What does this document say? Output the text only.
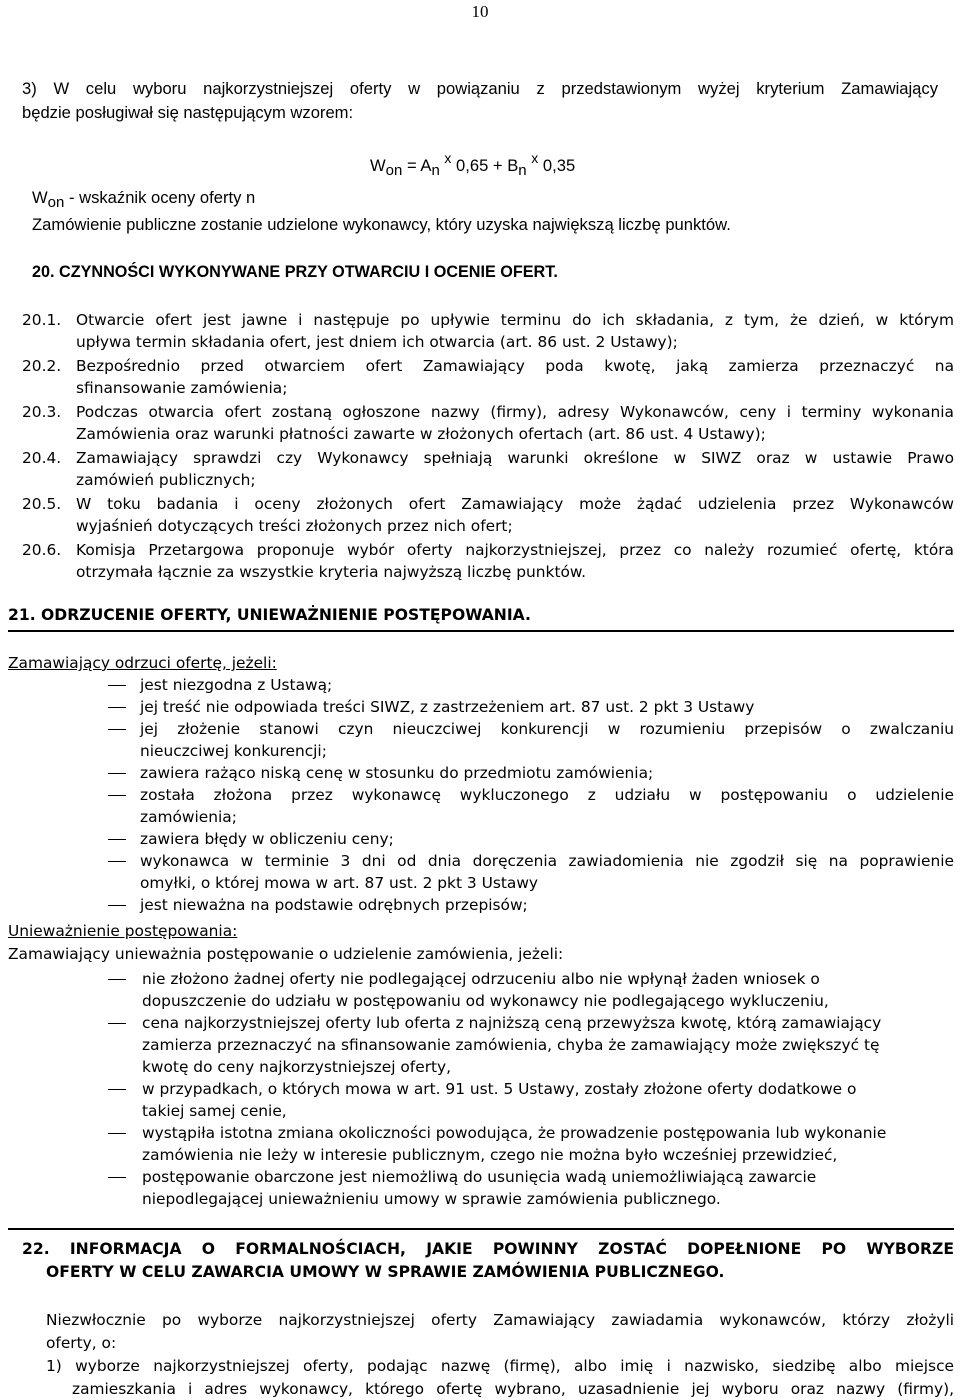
10
3) W celu wyboru najkorzystniejszej oferty w powiązaniu z przedstawionym wyżej kryterium Zamawiający
będzie posługiwał się następującym wzorem:
$W_{on} = A_n$ $^x$ $0,65 + B_n$ $^x$ 0,35
$W_{on}$ - wskaźnik oceny oferty n
Zamówienie publiczne zostanie udzielone wykonawcy, który uzyska największą liczbę punktów.
20. CZYNNOŚCI WYKONYWANE PRZY OTWARCIU I OCENIE OFERT.
20.1. Otwarcie ofert jest jawne i następuje po upływie terminu do ich składania, z tym, że dzień, w którym
upływa termin składania ofert, jest dniem ich otwarcia (art. 86 ust. 2 Ustawy);
20.2. Bezpośrednio przed otwarciem ofert Zamawiający poda kwotę, jaką zamierza przeznaczyć na
sfinansowanie zamówienia;
20.3. Podczas otwarcia ofert zostaną ogłoszone nazwy (firmy), adresy Wykonawców, ceny i terminy wykonania
Zamówienia oraz warunki płatności zawarte w złożonych ofertach (art. 86 ust. 4 Ustawy);
20.4. Zamawiający sprawdzi czy Wykonawcy spełniają warunki określone w SIWZ oraz w ustawie Prawo
zamówień publicznych;
20.5. W toku badania i oceny złożonych ofert Zamawiający może żądać udzielenia przez Wykonawców
wyjaśnień dotyczących treści złożonych przez nich ofert;
20.6. Komisja Przetargowa proponuje wybór oferty najkorzystniejszej, przez co należy rozumieć ofertę, która
otrzymała łącznie za wszystkie kryteria najwyższą liczbę punktów.
21. ODRZUCENIE OFERTY, UNIEWAŻNIENIE POSTĘPOWANIA.
Zamawiający odrzuci ofertę, jeżeli:
jest niezgodna z Ustawą;
jej treść nie odpowiada treści SIWZ, z zastrzeżeniem art. 87 ust. 2 pkt 3 Ustawy
jej złożenie stanowi czyn nieuczciwej konkurencji w rozumieniu przepisów o zwalczaniu
nieuczciwej konkurencji;
zawiera rażąco niską cenę w stosunku do przedmiotu zamówienia;
została złożona przez wykonawcę wykluczonego z udziału w postępowaniu o udzielenie
zamówienia;
zawiera błędy w obliczeniu ceny;
wykonawca w terminie 3 dni od dnia doręczenia zawiadomienia nie zgodził się na poprawienie
omyłki, o której mowa w art. 87 ust. 2 pkt 3 Ustawy
jest nieważna na podstawie odrębnych przepisów;
Unieważnienie postępowania:
Zamawiający unieważnia postępowanie o udzielenie zamówienia, jeżeli:
nie złożono żadnej oferty nie podlegającej odrzuceniu albo nie wpłynął żaden wniosek o
dopuszczenie do udziału w postępowaniu od wykonawcy nie podlegającego wykluczeniu,
cena najkorzystniejszej oferty lub oferta z najniższą ceną przewyższa kwotę, którą zamawiający
zamierza przeznaczyć na sfinansowanie zamówienia, chyba że zamawiający może zwiększyć tę
kwotę do ceny najkorzystniejszej oferty,
w przypadkach, o których mowa w art. 91 ust. 5 Ustawy, zostały złożone oferty dodatkowe o
takiej samej cenie,
wystąpiła istotna zmiana okoliczności powodująca, że prowadzenie postępowania lub wykonanie
zamówienia nie leży w interesie publicznym, czego nie można było wcześniej przewidzieć,
postępowanie obarczone jest niemożliwą do usunięcia wadą uniemożliwiającą zawarcie
niepodlegającej unieważnieniu umowy w sprawie zamówienia publicznego.
22. INFORMACJA O FORMALNOŚCIACH, JAKIE POWINNY ZOSTAĆ DOPEŁNIONE PO WYBORZE
OFERTY W CELU ZAWARCIA UMOWY W SPRAWIE ZAMÓWIENIA PUBLICZNEGO.
Niezwłocznie po wyborze najkorzystniejszej oferty Zamawiający zawiadamia wykonawców, którzy złożyli
oferty, o:
1) wyborze najkorzystniejszej oferty, podając nazwę (firmę), albo imię i nazwisko, siedzibę albo miejsce
zamieszkania i adres wykonawcy, którego ofertę wybrano, uzasadnienie jej wyboru oraz nazwy (firmy),
